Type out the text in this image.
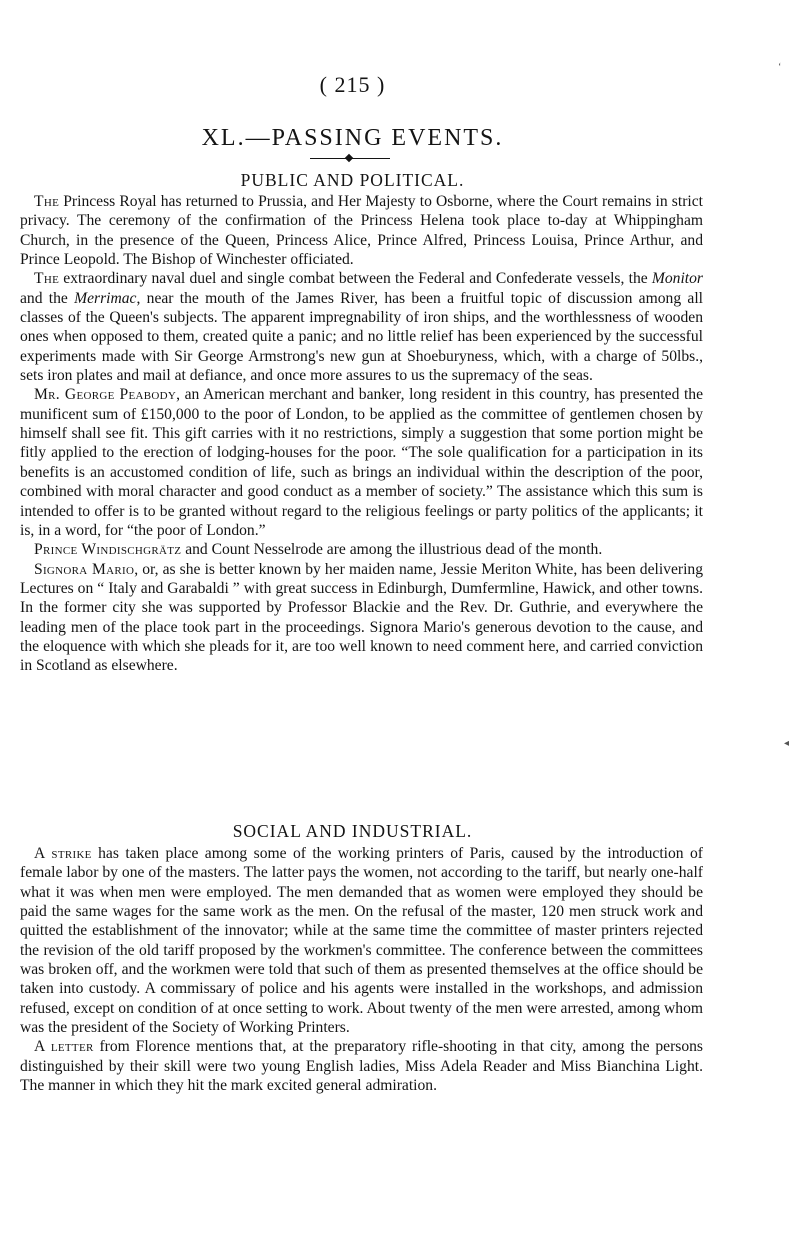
‘
◂
( 215 )
XL.—PASSING EVENTS.
PUBLIC AND POLITICAL.

The Princess Royal has returned to Prussia, and Her Majesty to Osborne, where the Court remains in strict privacy. The ceremony of the confirmation of the Princess Helena took place to-day at Whippingham Church, in the presence of the Queen, Princess Alice, Prince Alfred, Princess Louisa, Prince Arthur, and Prince Leopold. The Bishop of Winchester officiated.

The extraordinary naval duel and single combat between the Federal and Confederate vessels, the Monitor and the Merrimac, near the mouth of the James River, has been a fruitful topic of discussion among all classes of the Queen's subjects. The apparent impregnability of iron ships, and the worthlessness of wooden ones when opposed to them, created quite a panic; and no little relief has been experienced by the successful experiments made with Sir George Armstrong's new gun at Shoeburyness, which, with a charge of 50lbs., sets iron plates and mail at defiance, and once more assures to us the supremacy of the seas.

Mr. George Peabody, an American merchant and banker, long resident in this country, has presented the munificent sum of £150,000 to the poor of London, to be applied as the committee of gentlemen chosen by himself shall see fit. This gift carries with it no restrictions, simply a suggestion that some portion might be fitly applied to the erection of lodging-houses for the poor. “The sole qualification for a participation in its benefits is an accustomed condition of life, such as brings an individual within the description of the poor, combined with moral character and good conduct as a member of society.” The assistance which this sum is intended to offer is to be granted without regard to the religious feelings or party politics of the applicants; it is, in a word, for “the poor of London.”

Prince Windischgrätz and Count Nesselrode are among the illustrious dead of the month.

Signora Mario, or, as she is better known by her maiden name, Jessie Meriton White, has been delivering Lectures on “ Italy and Garabaldi ” with great success in Edinburgh, Dumfermline, Hawick, and other towns. In the former city she was supported by Professor Blackie and the Rev. Dr. Guthrie, and everywhere the leading men of the place took part in the proceedings. Signora Mario's generous devotion to the cause, and the eloquence with which she pleads for it, are too well known to need comment here, and carried conviction in Scotland as elsewhere.

SOCIAL AND INDUSTRIAL.

A strike has taken place among some of the working printers of Paris, caused by the introduction of female labor by one of the masters. The latter pays the women, not according to the tariff, but nearly one-half what it was when men were employed. The men demanded that as women were employed they should be paid the same wages for the same work as the men. On the refusal of the master, 120 men struck work and quitted the establishment of the innovator; while at the same time the committee of master printers rejected the revision of the old tariff proposed by the workmen's committee. The conference between the committees was broken off, and the workmen were told that such of them as presented themselves at the office should be taken into custody. A commissary of police and his agents were installed in the workshops, and admission refused, except on condition of at once setting to work. About twenty of the men were arrested, among whom was the president of the Society of Working Printers.

A letter from Florence mentions that, at the preparatory rifle-shooting in that city, among the persons distinguished by their skill were two young English ladies, Miss Adela Reader and Miss Bianchina Light. The manner in which they hit the mark excited general admiration.
